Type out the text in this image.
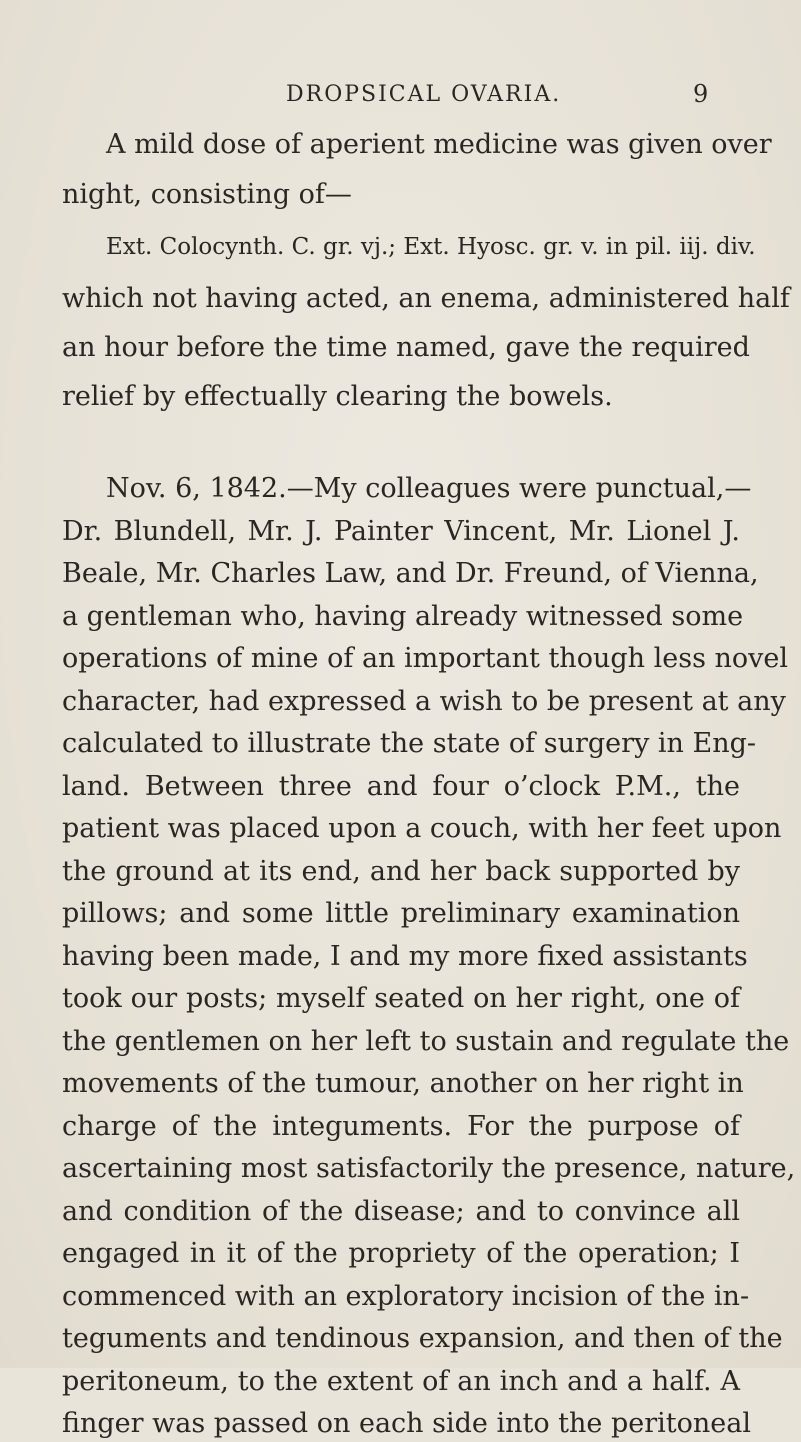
DROPSICAL OVARIA.	9
A mild dose of aperient medicine was given over
night, consisting of—
Ext. Colocynth. C. gr. vj.; Ext. Hyosc. gr. v. in pil. iij. div.
which not having acted, an enema, administered half
an hour before the time named, gave the required
relief by effectually clearing the bowels.
Nov. 6, 1842.—My colleagues were punctual,—
Dr. Blundell, Mr. J. Painter Vincent, Mr. Lionel J.
Beale, Mr. Charles Law, and Dr. Freund, of Vienna,
a gentleman who, having already witnessed some
operations of mine of an important though less novel
character, had expressed a wish to be present at any
calculated to illustrate the state of surgery in Eng-
land. Between three and four o’clock P.M., the
patient was placed upon a couch, with her feet upon
the ground at its end, and her back supported by
pillows; and some little preliminary examination
having been made, I and my more fixed assistants
took our posts; myself seated on her right, one of
the gentlemen on her left to sustain and regulate the
movements of the tumour, another on her right in
charge of the integuments. For the purpose of
ascertaining most satisfactorily the presence, nature,
and condition of the disease; and to convince all
engaged in it of the propriety of the operation; I
commenced with an exploratory incision of the in-
teguments and tendinous expansion, and then of the
peritoneum, to the extent of an inch and a half. A
finger was passed on each side into the peritoneal
